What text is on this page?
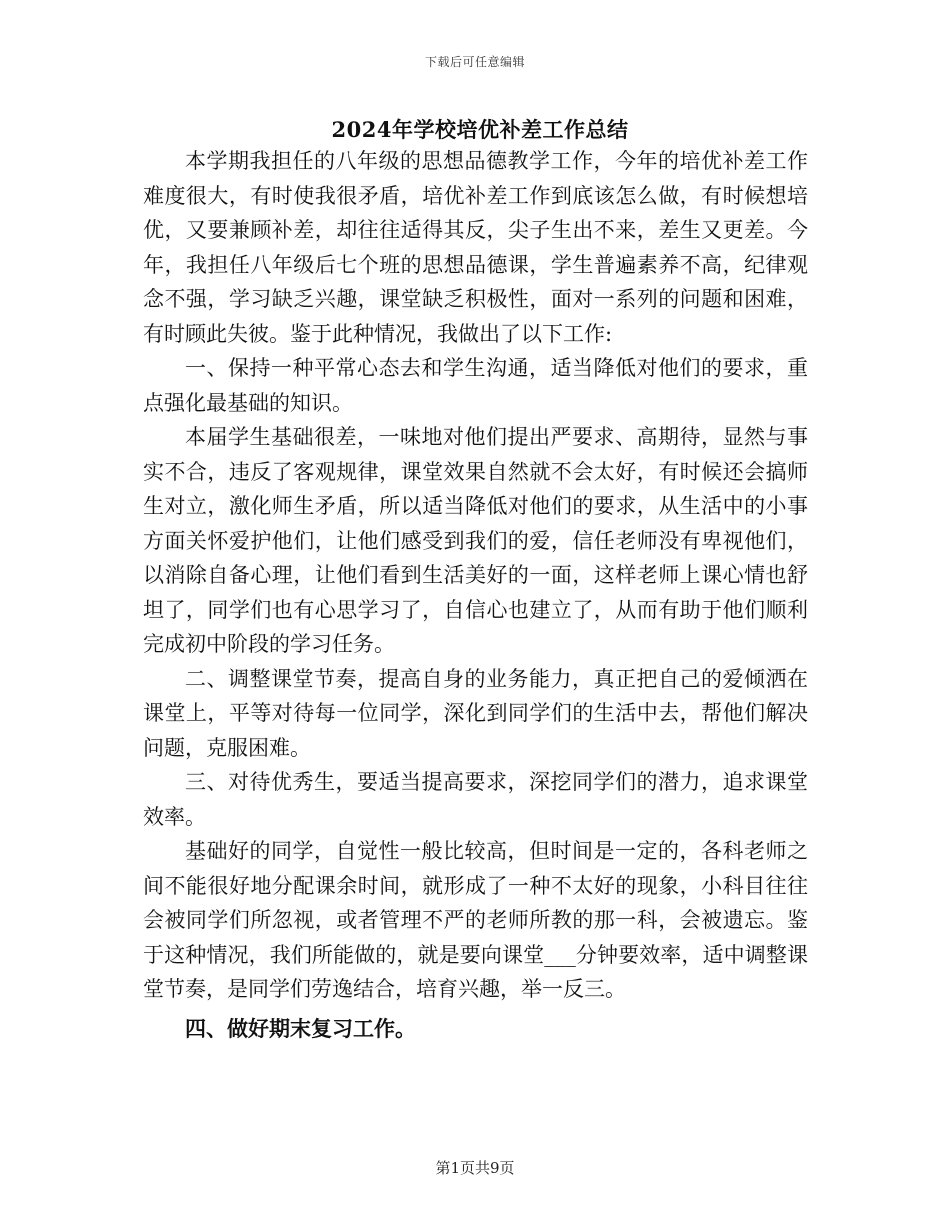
下载后可任意编辑
2024年学校培优补差工作总结

本学期我担任的八年级的思想品德教学工作，今年的培优补差工作难度很大，有时使我很矛盾，培优补差工作到底该怎么做，有时候想培优，又要兼顾补差，却往往适得其反，尖子生出不来，差生又更差。今年，我担任八年级后七个班的思想品德课，学生普遍素养不高，纪律观念不强，学习缺乏兴趣，课堂缺乏积极性，面对一系列的问题和困难，有时顾此失彼。鉴于此种情况，我做出了以下工作:

一、保持一种平常心态去和学生沟通，适当降低对他们的要求，重点强化最基础的知识。

本届学生基础很差，一味地对他们提出严要求、高期待，显然与事实不合，违反了客观规律，课堂效果自然就不会太好，有时候还会搞师生对立，激化师生矛盾，所以适当降低对他们的要求，从生活中的小事方面关怀爱护他们，让他们感受到我们的爱，信任老师没有卑视他们，以消除自备心理，让他们看到生活美好的一面，这样老师上课心情也舒坦了，同学们也有心思学习了，自信心也建立了，从而有助于他们顺利完成初中阶段的学习任务。

二、调整课堂节奏，提高自身的业务能力，真正把自己的爱倾洒在课堂上，平等对待每一位同学，深化到同学们的生活中去，帮他们解决问题，克服困难。

三、对待优秀生，要适当提高要求，深挖同学们的潜力，追求课堂效率。

基础好的同学，自觉性一般比较高，但时间是一定的，各科老师之间不能很好地分配课余时间，就形成了一种不太好的现象，小科目往往会被同学们所忽视，或者管理不严的老师所教的那一科，会被遗忘。鉴于这种情况，我们所能做的，就是要向课堂___分钟要效率，适中调整课堂节奏，是同学们劳逸结合，培育兴趣，举一反三。

四、做好期末复习工作。

第1页共9页
